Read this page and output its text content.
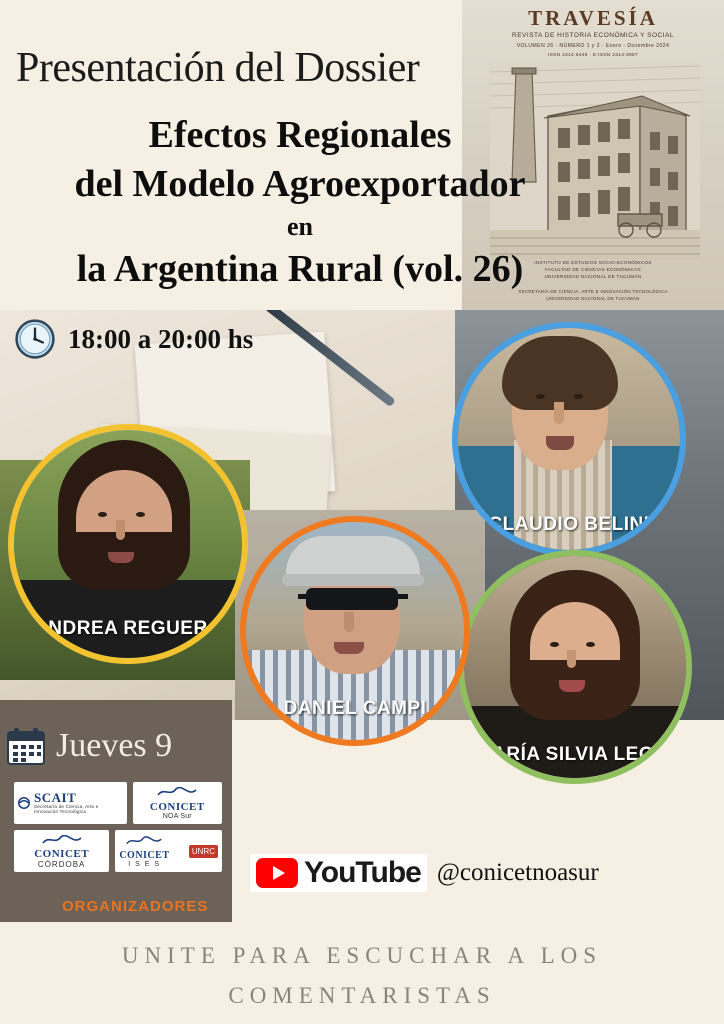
TRAVESÍA
REVISTA DE HISTORIA ECONÓMICA Y SOCIAL
VOLUMEN 26 · NÚMERO 1 y 2 · Enero - Diciembre 2024
ISSN 2314-6449 · E-ISSN 2314-2987
INSTITUTO DE ESTUDIOS SOCIO-ECONÓMICOS
FACULTAD DE CIENCIAS ECONÓMICAS
UNIVERSIDAD NACIONAL DE TUCUMÁN
SECRETARÍA DE CIENCIA, ARTE E INNOVACIÓN TECNOLÓGICA
UNIVERSIDAD NACIONAL DE TUCUMÁN
Presentación del Dossier
Efectos Regionales
del Modelo Agroexportador
en
la Argentina Rural (vol. 26)
18:00 a 20:00 hs
CLAUDIO BELINI
ANDREA REGUERA
MARÍA SILVIA LEONI
DANIEL CAMPI
Jueves 9
SCAIT
Secretaría de Ciencia, Arte e Innovación Tecnológica	CONICET
NOA Sur
CONICET
CÓRDOBA
CONICET
I S E S
UNRC
ORGANIZADORES
YouTube @conicetnoasur
UNITE PARA ESCUCHAR A LOS
COMENTARISTAS
